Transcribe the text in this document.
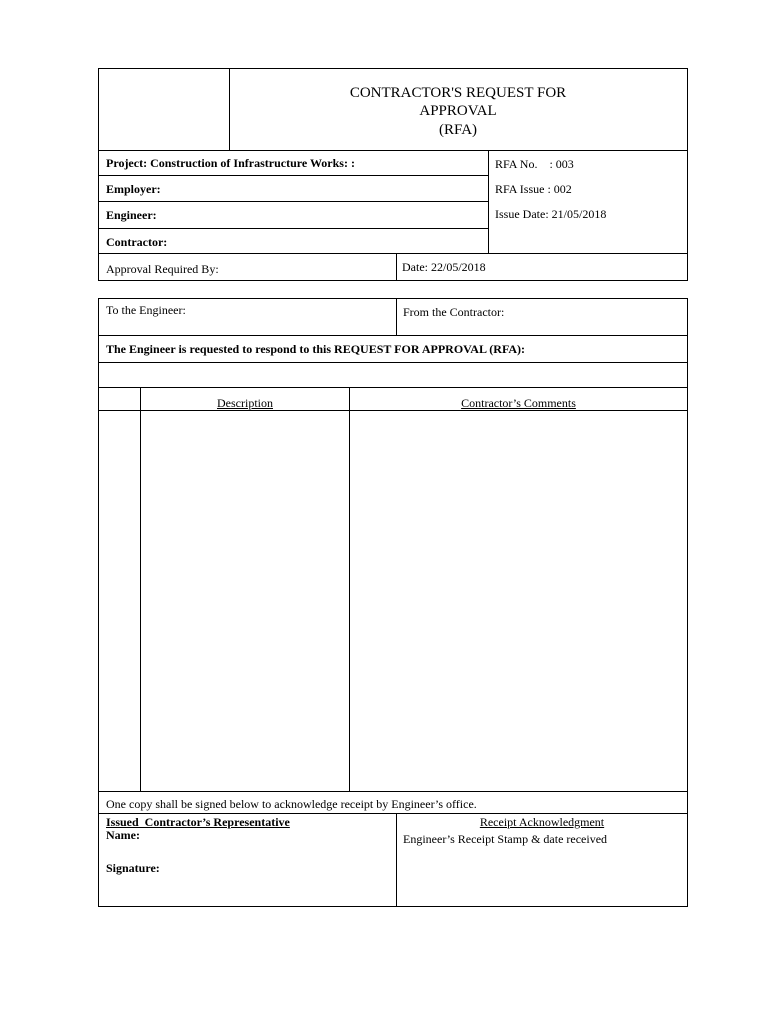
CONTRACTOR'S REQUEST FOR
APPROVAL
(RFA)
Project: Construction of Infrastructure Works: :
Employer:
Engineer:
Contractor:
RFA No.    : 003
RFA Issue : 002
Issue Date: 21/05/2018
Approval Required By:	Date: 22/05/2018
To the Engineer:	From the Contractor:
The Engineer is requested to respond to this REQUEST FOR APPROVAL (RFA):
Description	Contractor’s Comments
One copy shall be signed below to acknowledge receipt by Engineer’s office.
Issued  Contractor’s Representative
Name:
Signature:
Receipt Acknowledgment
Engineer’s Receipt Stamp & date received
